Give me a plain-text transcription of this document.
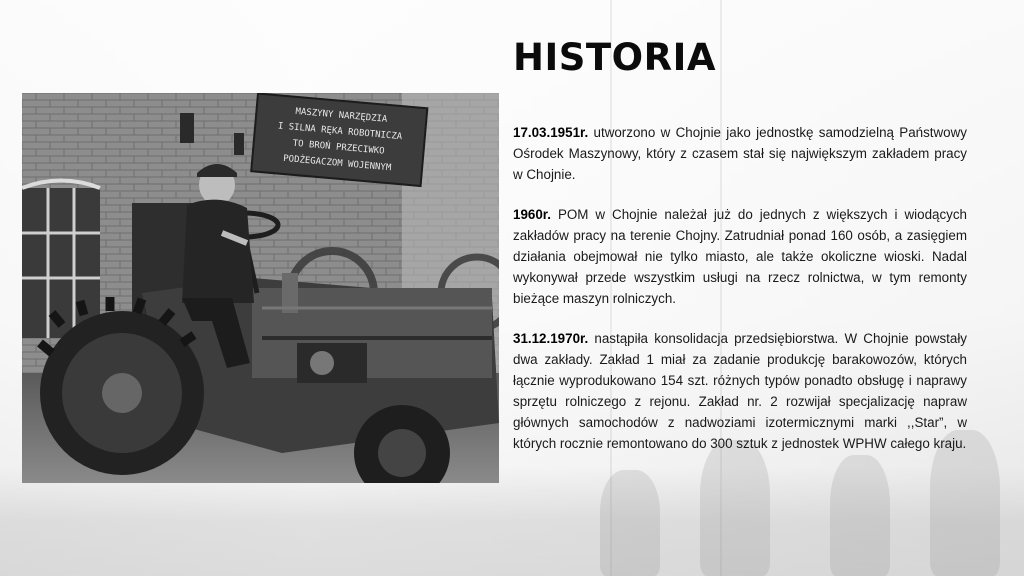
HISTORIA
MASZYNY NARZĘDZIA
I SILNA RĘKA ROBOTNICZA
TO BROŃ PRZECIWKO
PODŻEGACZOM WOJENNYM

17.03.1951r. utworzono w Chojnie jako jednostkę samodzielną Państwowy Ośrodek Maszynowy, który z czasem stał się największym zakładem pracy w Chojnie.

1960r. POM w Chojnie należał już do jednych z większych i wiodących zakładów pracy na terenie Chojny. Zatrudniał ponad 160 osób, a zasięgiem działania obejmował nie tylko miasto, ale także okoliczne wioski. Nadal wykonywał przede wszystkim usługi na rzecz rolnictwa, w tym remonty bieżące maszyn rolniczych.

31.12.1970r. nastąpiła konsolidacja przedsiębiorstwa. W Chojnie powstały dwa zakłady. Zakład 1 miał za zadanie produkcję barakowozów, których łącznie wyprodukowano 154 szt. różnych typów ponadto obsługę i naprawy sprzętu rolniczego z rejonu. Zakład nr. 2 rozwijał specjalizację napraw głównych samochodów z nadwoziami izotermicznymi marki ,,Star”, w których rocznie remontowano do 300 sztuk z jednostek WPHW całego kraju.
